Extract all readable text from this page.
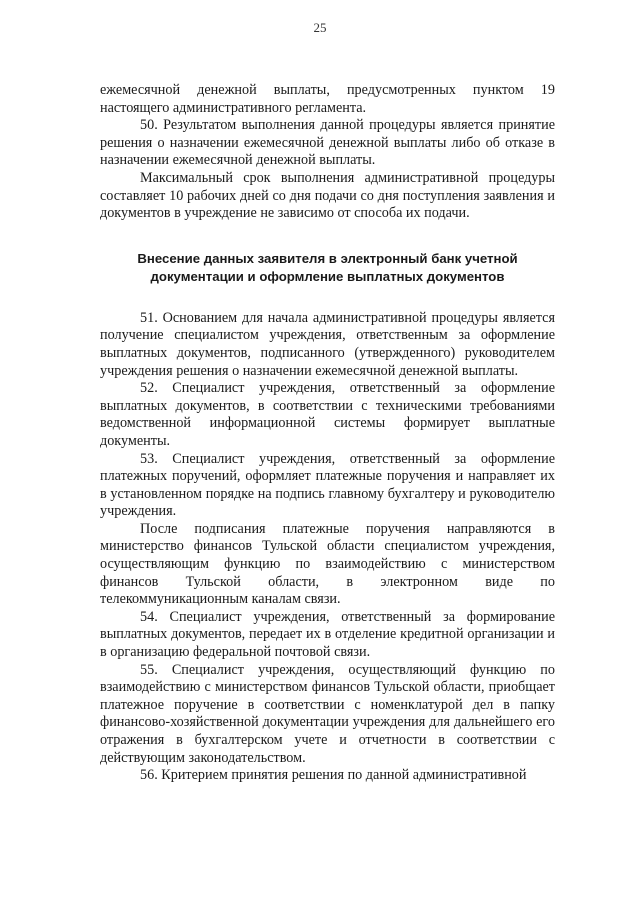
25

ежемесячной денежной выплаты, предусмотренных пунктом 19 настоящего административного регламента.

50. Результатом выполнения данной процедуры является принятие решения о назначении ежемесячной денежной выплаты либо об отказе в назначении ежемесячной денежной выплаты.

Максимальный срок выполнения административной процедуры составляет 10 рабочих дней со дня подачи со дня поступления заявления и документов в учреждение не зависимо от способа их подачи.

Внесение данных заявителя в электронный банк учетной
документации и оформление выплатных документов

51. Основанием для начала административной процедуры является получение специалистом учреждения, ответственным за оформление выплатных документов, подписанного (утвержденного) руководителем учреждения решения о назначении ежемесячной денежной выплаты.

52. Специалист учреждения, ответственный за оформление выплатных документов, в соответствии с техническими требованиями ведомственной информационной системы формирует выплатные документы.

53. Специалист учреждения, ответственный за оформление платежных поручений, оформляет платежные поручения и направляет их в установленном порядке на подпись главному бухгалтеру и руководителю учреждения.

После подписания платежные поручения направляются в министерство финансов Тульской области специалистом учреждения, осуществляющим функцию по взаимодействию с министерством финансов Тульской области, в электронном виде по телекоммуникационным каналам связи.

54. Специалист учреждения, ответственный за формирование выплатных документов, передает их в отделение кредитной организации и в организацию федеральной почтовой связи.

55. Специалист учреждения, осуществляющий функцию по взаимодействию с министерством финансов Тульской области, приобщает платежное поручение в соответствии с номенклатурой дел в папку финансово-хозяйственной документации учреждения для дальнейшего его отражения в бухгалтерском учете и отчетности в соответствии с действующим законодательством.

56. Критерием принятия решения по данной административной
